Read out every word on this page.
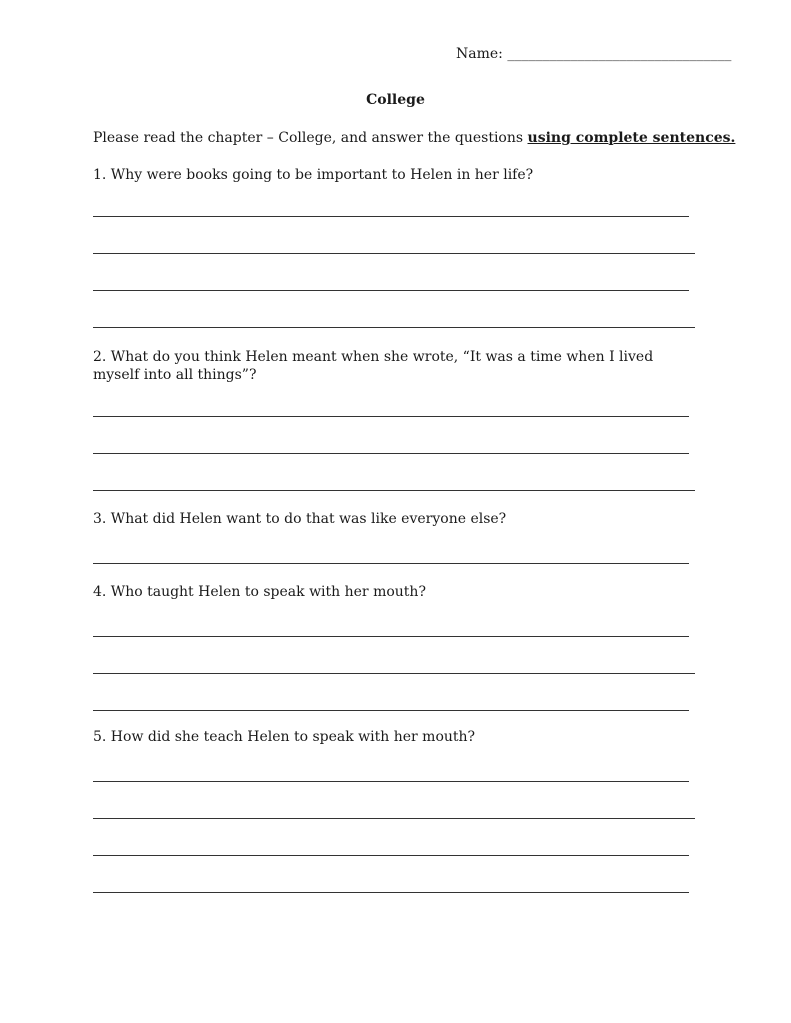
Name: ________________________________
College
Please read the chapter – College, and answer the questions using complete sentences.
1. Why were books going to be important to Helen in her life?
2. What do you think Helen meant when she wrote, “It was a time when I lived myself into all things”?
3. What did Helen want to do that was like everyone else?
4. Who taught Helen to speak with her mouth?
5. How did she teach Helen to speak with her mouth?
